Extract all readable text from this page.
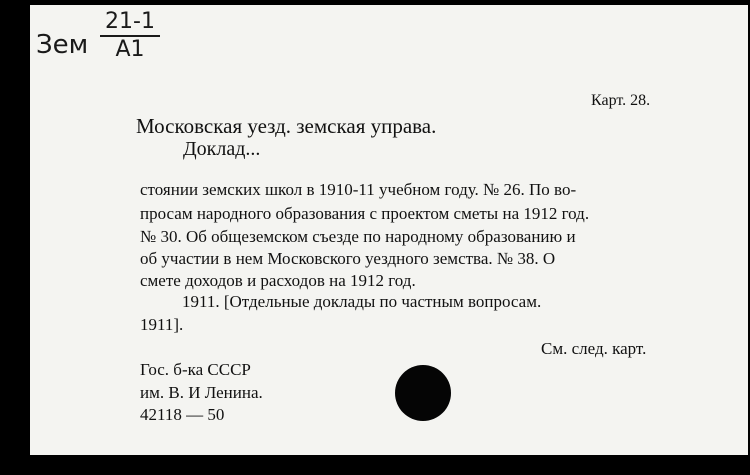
Зем
21-1
A1
Карт. 28.
Московская уезд. земская управа.
Доклад...
стоянии земских школ в 1910-11 учебном году. № 26. По во-
просам народного образования с проектом сметы на 1912 год.
№ 30. Об общеземском съезде по народному образованию и
об участии в нем Московского уездного земства. № 38. О
смете доходов и расходов на 1912 год.
1911. [Отдельные доклады по частным вопросам.
1911].
См. след. карт.
Гос. б-ка СССР
им. В. И Ленина.
42118 — 50
